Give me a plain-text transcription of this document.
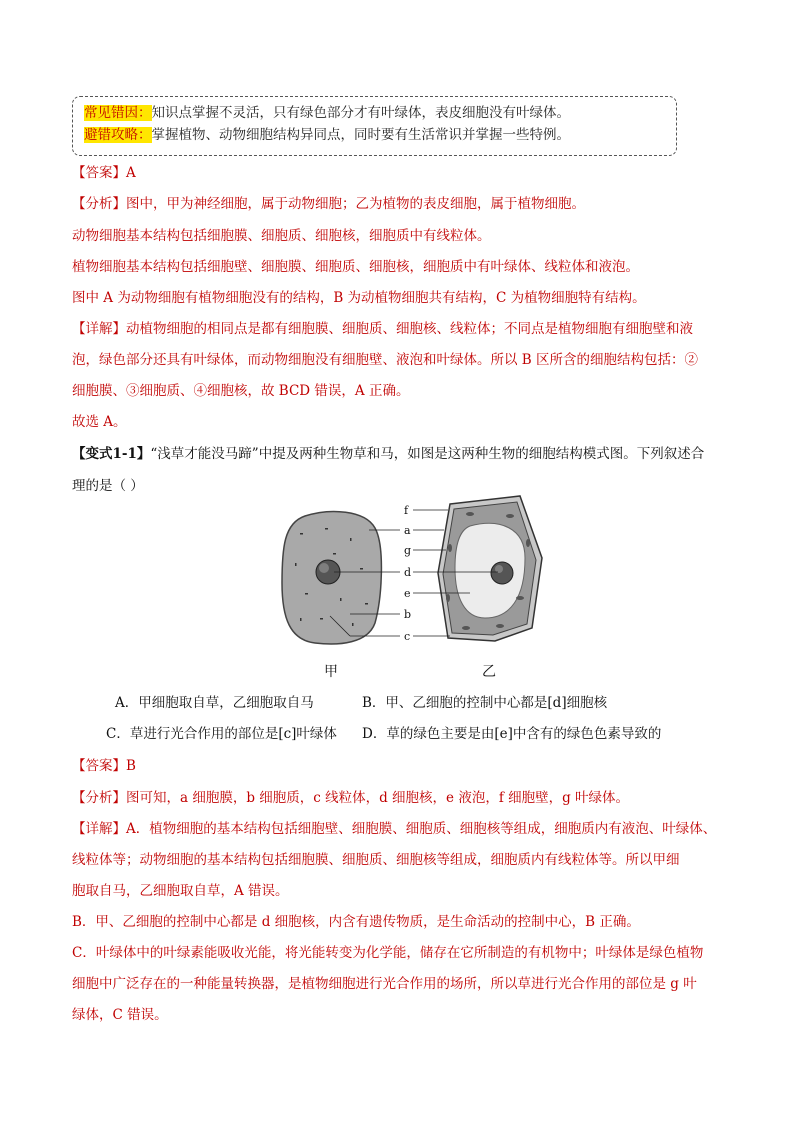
常见错因：知识点掌握不灵活，只有绿色部分才有叶绿体，表皮细胞没有叶绿体。
避错攻略：掌握植物、动物细胞结构异同点，同时要有生活常识并掌握一些特例。
【答案】A
【分析】图中，甲为神经细胞，属于动物细胞；乙为植物的表皮细胞，属于植物细胞。
动物细胞基本结构包括细胞膜、细胞质、细胞核，细胞质中有线粒体。
植物细胞基本结构包括细胞壁、细胞膜、细胞质、细胞核，细胞质中有叶绿体、线粒体和液泡。
图中 A 为动物细胞有植物细胞没有的结构，B 为动植物细胞共有结构，C 为植物细胞特有结构。
【详解】动植物细胞的相同点是都有细胞膜、细胞质、细胞核、线粒体；不同点是植物细胞有细胞壁和液
泡，绿色部分还具有叶绿体，而动物细胞没有细胞壁、液泡和叶绿体。所以 B 区所含的细胞结构包括：②
细胞膜、③细胞质、④细胞核，故 BCD 错误，A 正确。
故选 A。
【变式1-1】“浅草才能没马蹄”中提及两种生物草和马，如图是这两种生物的细胞结构模式图。下列叙述合
理的是（ ）
f
a
g
d
e
b
c
甲	乙
A．甲细胞取自草，乙细胞取自马	B．甲、乙细胞的控制中心都是[d]细胞核
C．草进行光合作用的部位是[c]叶绿体 D．草的绿色主要是由[e]中含有的绿色色素导致的
【答案】B
【分析】图可知，a 细胞膜，b 细胞质，c 线粒体，d 细胞核，e 液泡，f 细胞壁，g 叶绿体。
【详解】A．植物细胞的基本结构包括细胞壁、细胞膜、细胞质、细胞核等组成，细胞质内有液泡、叶绿体、
线粒体等；动物细胞的基本结构包括细胞膜、细胞质、细胞核等组成，细胞质内有线粒体等。所以甲细
胞取自马，乙细胞取自草，A 错误。
B．甲、乙细胞的控制中心都是 d 细胞核，内含有遗传物质，是生命活动的控制中心，B 正确。
C．叶绿体中的叶绿素能吸收光能，将光能转变为化学能，储存在它所制造的有机物中；叶绿体是绿色植物
细胞中广泛存在的一种能量转换器，是植物细胞进行光合作用的场所，所以草进行光合作用的部位是 g 叶
绿体，C 错误。
